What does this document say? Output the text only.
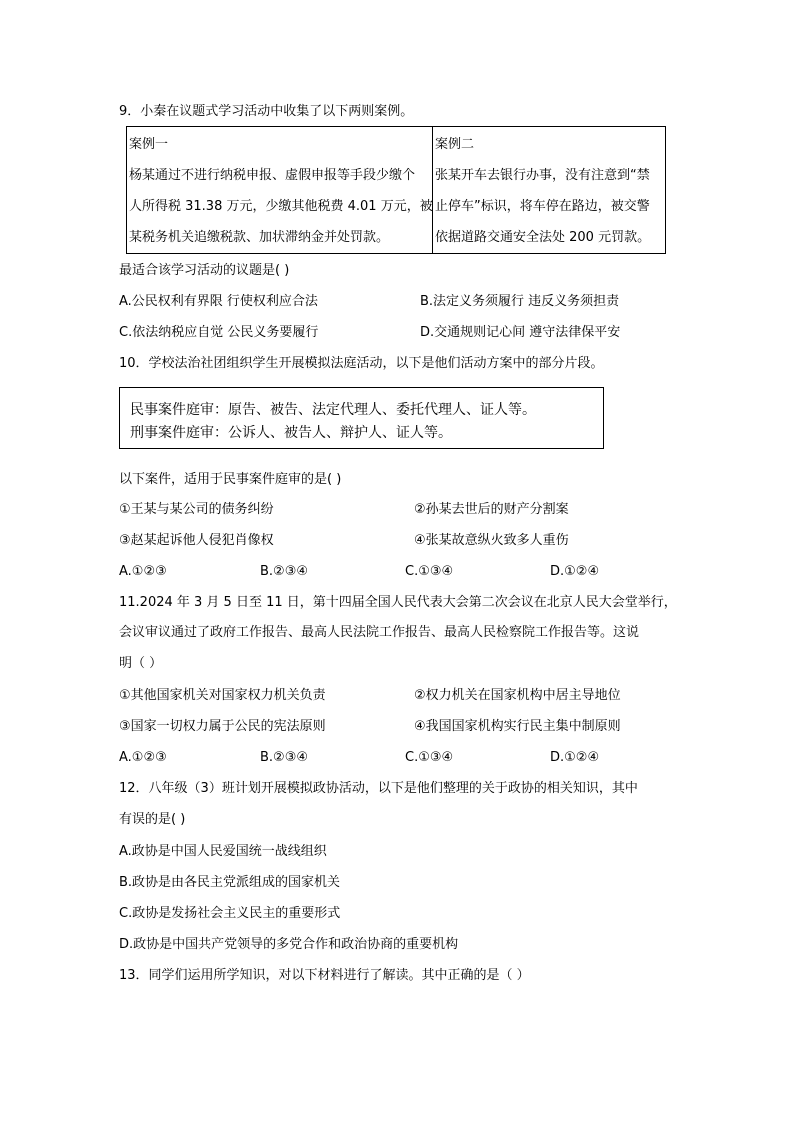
9．小秦在议题式学习活动中收集了以下两则案例。
案例一
杨某通过不进行纳税申报、虚假申报等手段少缴个
人所得税 31.38 万元，少缴其他税费 4.01 万元，被
某税务机关追缴税款、加状滞纳金并处罚款。
案例二
张某开车去银行办事，没有注意到“禁
止停车”标识，将车停在路边，被交警
依据道路交通安全法处 200 元罚款。
最适合该学习活动的议题是( )
A.公民权利有界限 行使权利应合法	B.法定义务须履行 违反义务须担责
C.依法纳税应自觉 公民义务要履行	D.交通规则记心间 遵守法律保平安
10．学校法治社团组织学生开展模拟法庭活动，以下是他们活动方案中的部分片段。
民事案件庭审：原告、被告、法定代理人、委托代理人、证人等。
刑事案件庭审：公诉人、被告人、辩护人、证人等。
以下案件，适用于民事案件庭审的是( )
①王某与某公司的债务纠纷	②孙某去世后的财产分割案
③赵某起诉他人侵犯肖像权	④张某故意纵火致多人重伤
A.①②③	B.②③④	C.①③④	D.①②④
11.2024 年 3 月 5 日至 11 日，第十四届全国人民代表大会第二次会议在北京人民大会堂举行，
会议审议通过了政府工作报告、最高人民法院工作报告、最高人民检察院工作报告等。这说
明（ ）
①其他国家机关对国家权力机关负责	②权力机关在国家机构中居主导地位
③国家一切权力属于公民的宪法原则	④我国国家机构实行民主集中制原则
A.①②③	B.②③④	C.①③④	D.①②④
12．八年级（3）班计划开展模拟政协活动，以下是他们整理的关于政协的相关知识，其中
有误的是( )
A.政协是中国人民爱国统一战线组织
B.政协是由各民主党派组成的国家机关
C.政协是发扬社会主义民主的重要形式
D.政协是中国共产党领导的多党合作和政治协商的重要机构
13．同学们运用所学知识，对以下材料进行了解读。其中正确的是（ ）
